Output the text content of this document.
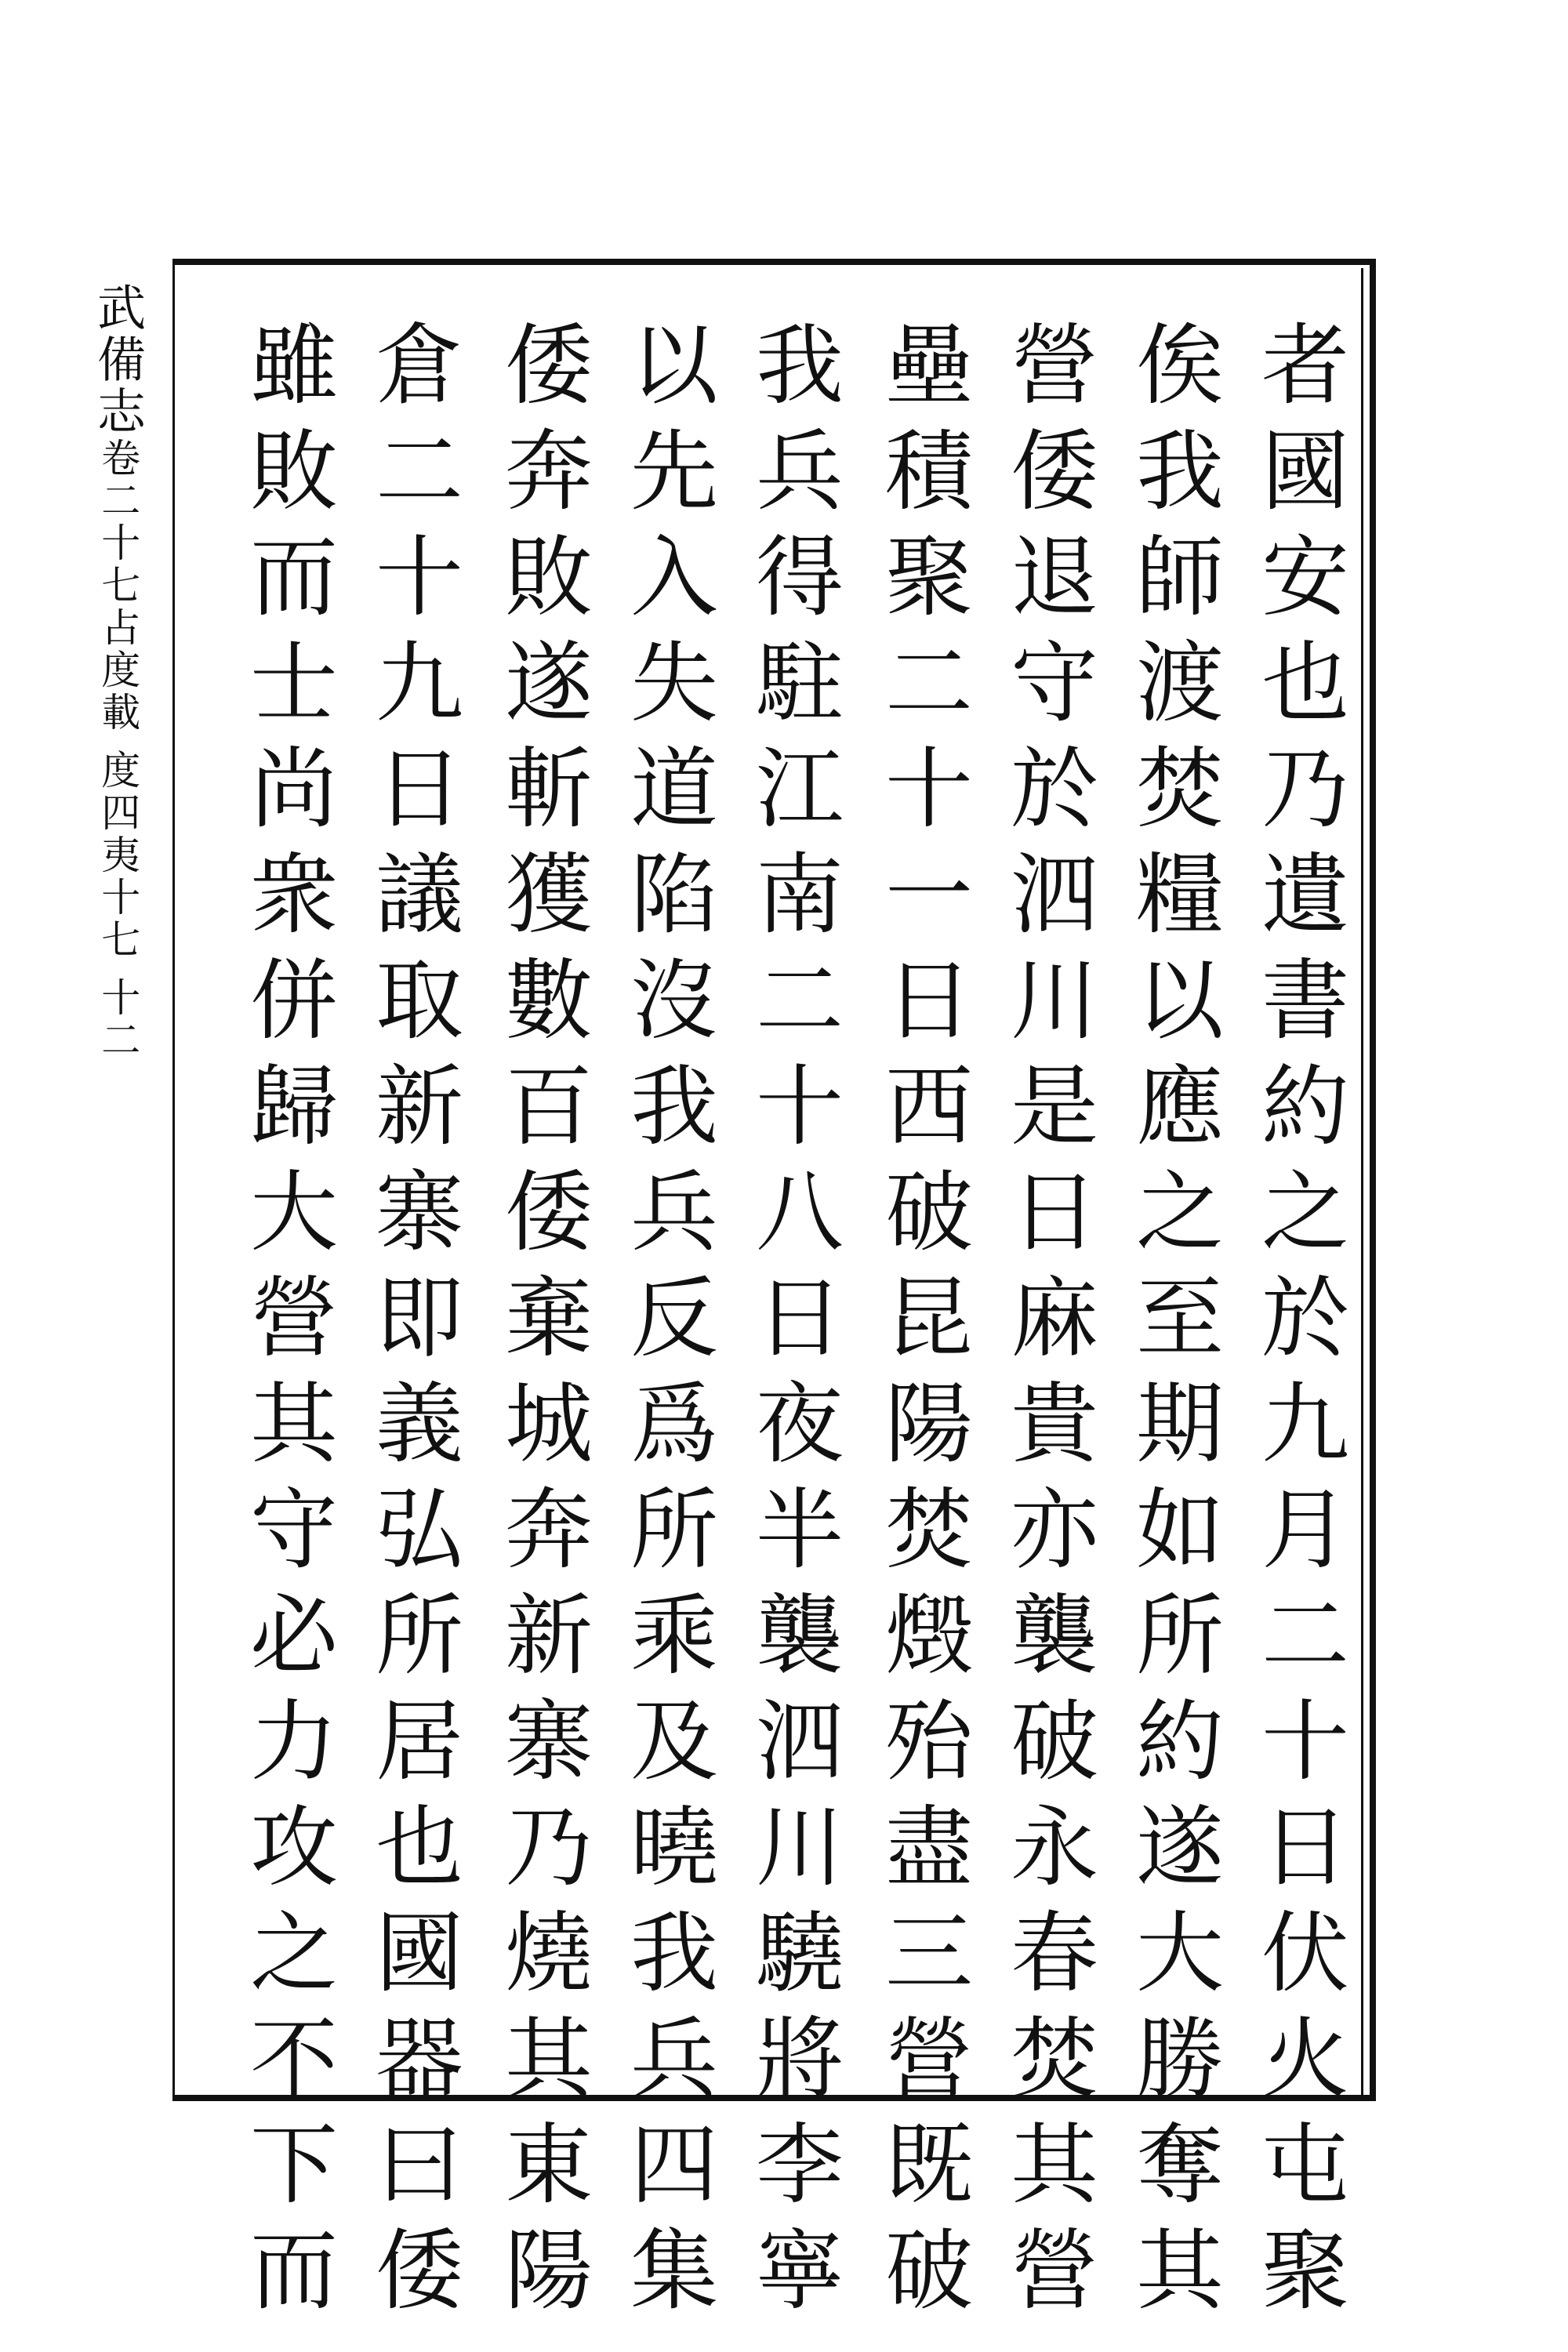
武備志
卷二十七
占度載
度
四夷十七
十二
者
國
安
也
乃
遺
書
約
之
於
九
月
二
十
日
伏
火
屯
聚
俟
我
師
渡
焚
糧
以
應
之
至
期
如
所
約
遂
大
勝
奪
其
營
倭
退
守
於
泗
川
是
日
麻
貴
亦
襲
破
永
春
焚
其
營
壘
積
聚
二
十
一
日
西
破
昆
陽
焚
燬
殆
盡
三
營
既
破
我
兵
得
駐
江
南
二
十
八
日
夜
半
襲
泗
川
驍
將
李
寧
以
先
入
失
道
陷
沒
我
兵
反
爲
所
乘
及
曉
我
兵
四
集
倭
奔
敗
遂
斬
獲
數
百
倭
棄
城
奔
新
寨
乃
燒
其
東
陽
倉
二
十
九
日
議
取
新
寨
即
義
弘
所
居
也
國
器
曰
倭
雖
敗
而
士
尚
衆
併
歸
大
營
其
守
必
力
攻
之
不
下
而
